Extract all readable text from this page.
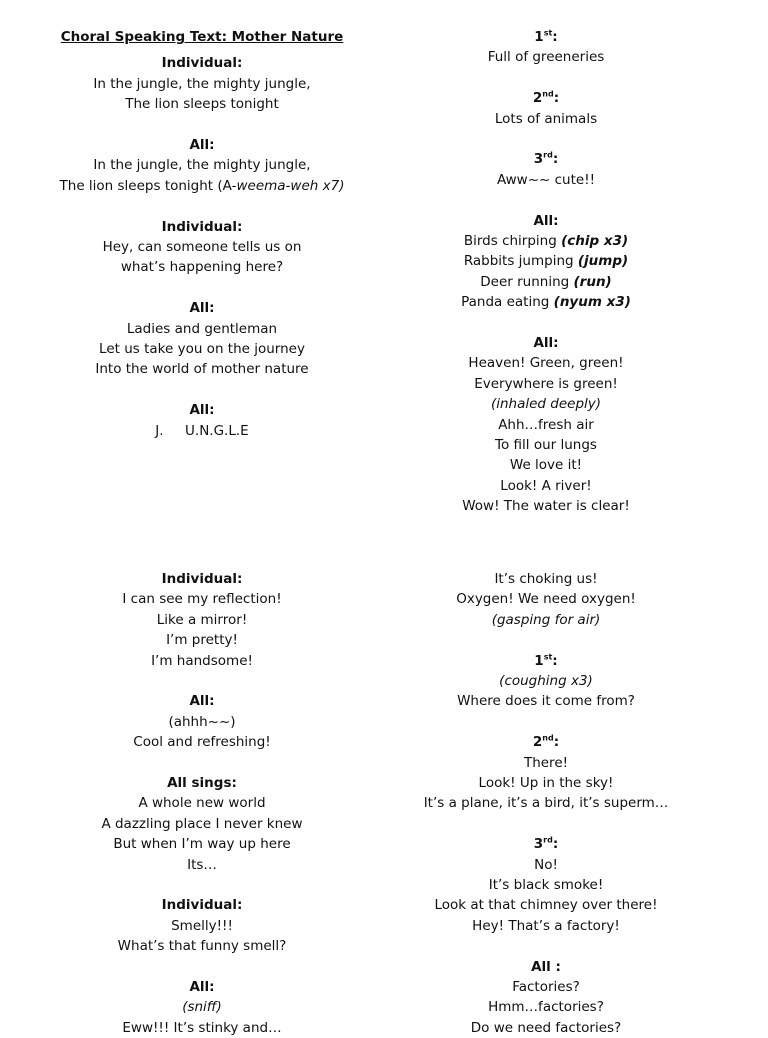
Choral Speaking Text: Mother Nature
Individual:
In the jungle, the mighty jungle,
The lion sleeps tonight
All:
In the jungle, the mighty jungle,
The lion sleeps tonight (A-weema-weh x7)
Individual:
Hey, can someone tells us on
what’s happening here?
All:
Ladies and gentleman
Let us take you on the journey
Into the world of mother nature
All:
J.     U.N.G.L.E
1st:
Full of greeneries
2nd:
Lots of animals
3rd:
Aww~~ cute!!
All:
Birds chirping (chip x3)
Rabbits jumping (jump)
Deer running (run)
Panda eating (nyum x3)
All:
Heaven! Green, green!
Everywhere is green!
(inhaled deeply)
Ahh…fresh air
To fill our lungs
We love it!
Look! A river!
Wow! The water is clear!
Individual:
I can see my reflection!
Like a mirror!
I’m pretty!
I’m handsome!
All:
(ahhh~~)
Cool and refreshing!
All sings:
A whole new world
A dazzling place I never knew
But when I’m way up here
Its…
Individual:
Smelly!!!
What’s that funny smell?
All:
(sniff)
Eww!!! It’s stinky and…
It’s choking us!
Oxygen! We need oxygen!
(gasping for air)
1st:
(coughing x3)
Where does it come from?
2nd:
There!
Look! Up in the sky!
It’s a plane, it’s a bird, it’s superm…
3rd:
No!
It’s black smoke!
Look at that chimney over there!
Hey! That’s a factory!
All :
Factories?
Hmm…factories?
Do we need factories?
